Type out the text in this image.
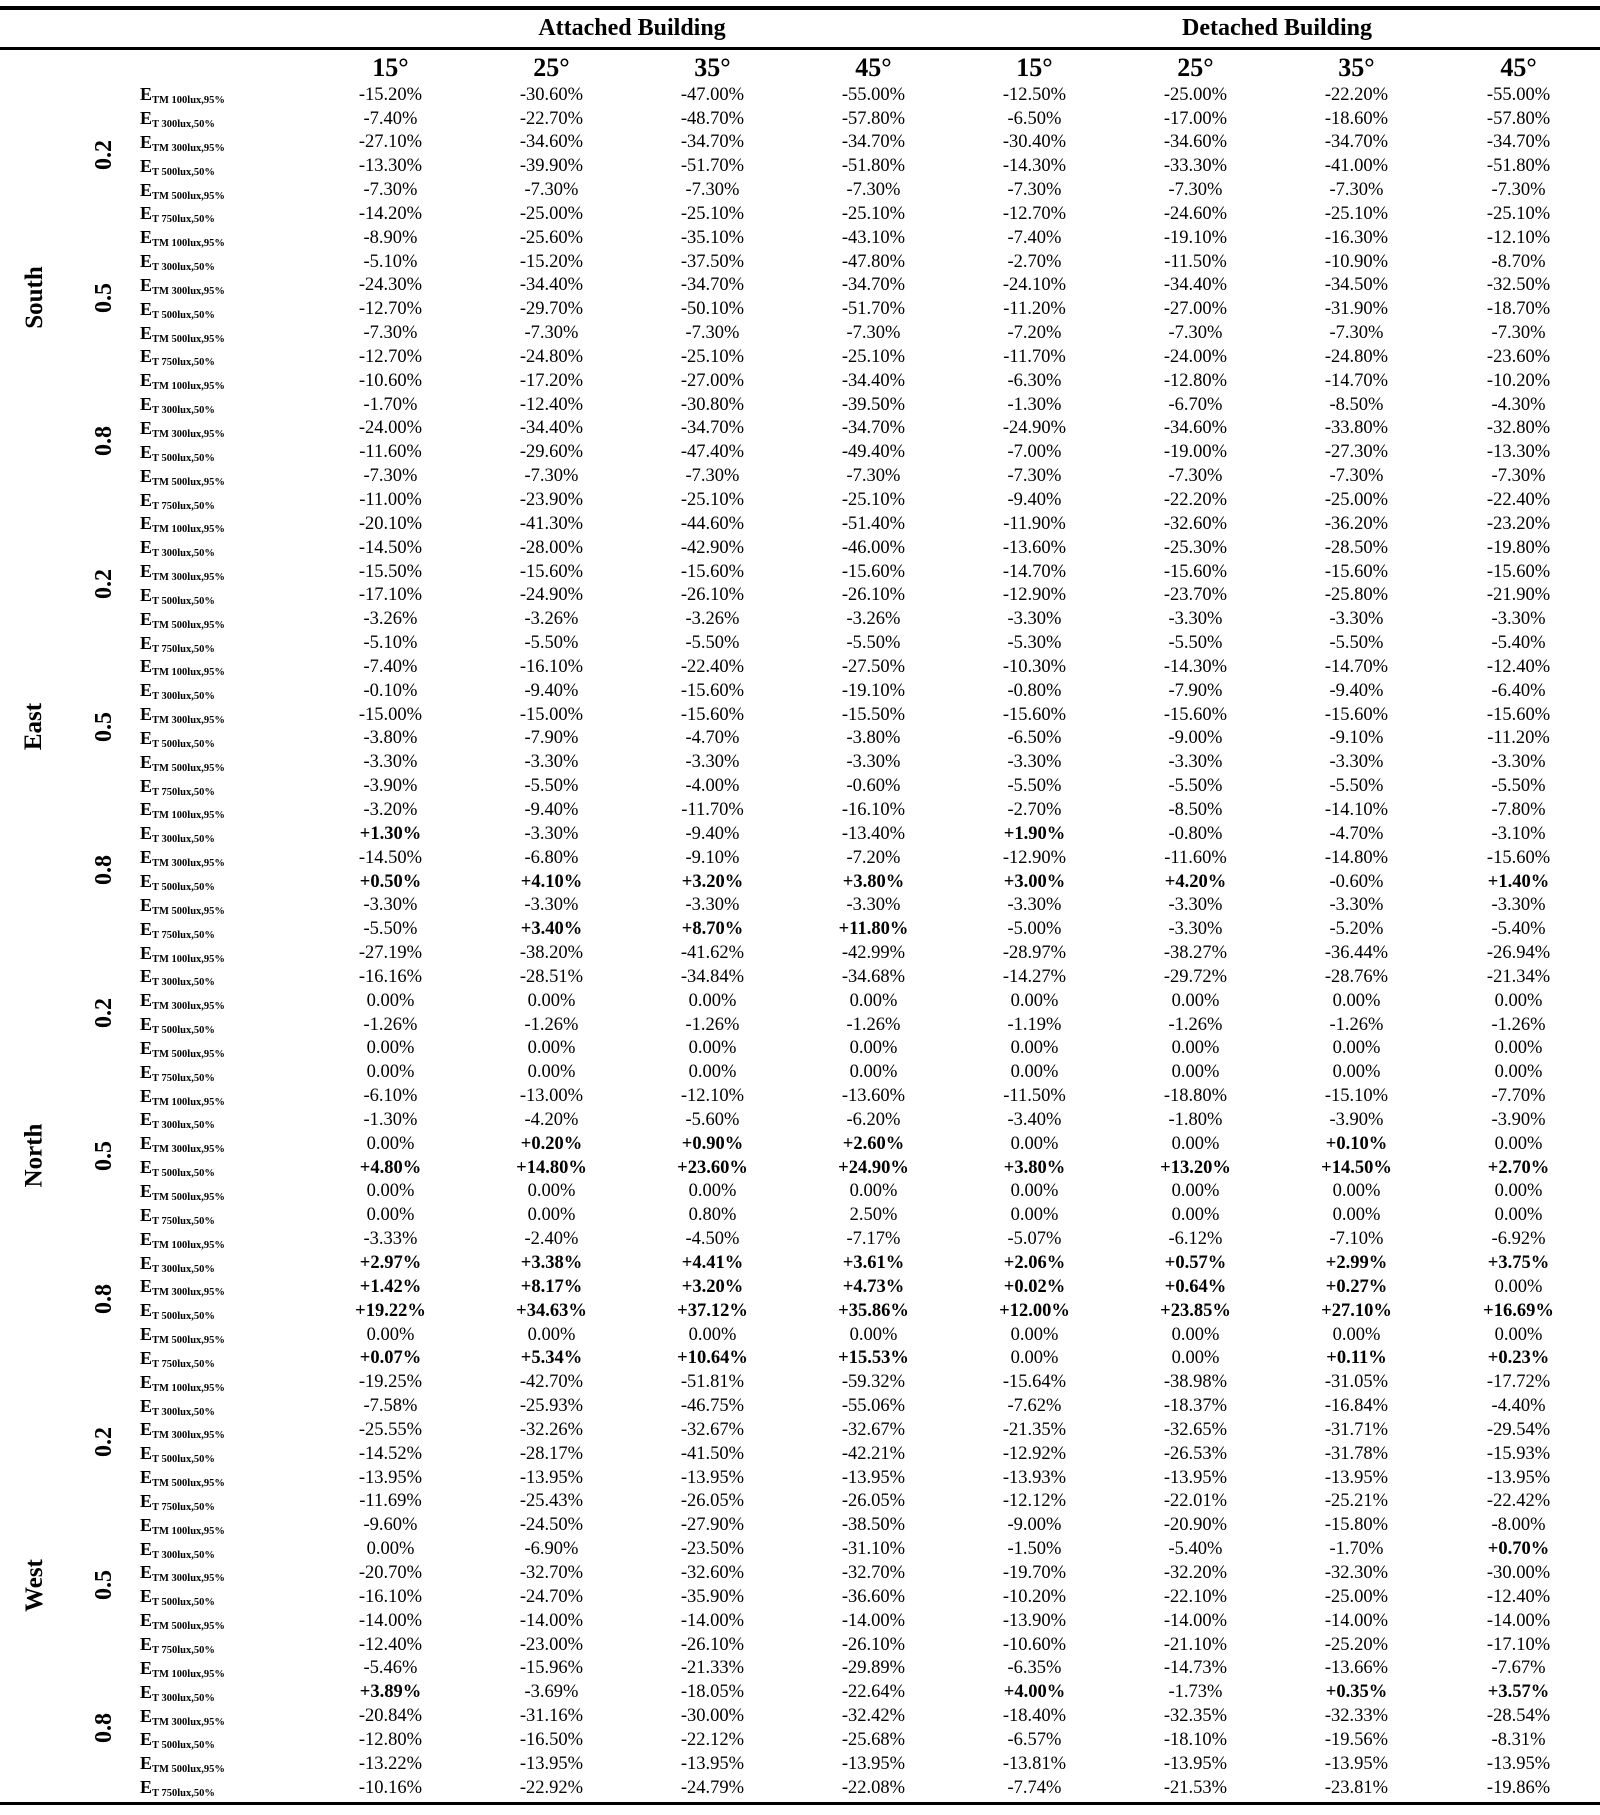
			Attached Building				Detached Building			
			15°	25°	35°	45°	15°	25°	35°	45°
South	0.2	ETM 100lux,95%	-15.20%	-30.60%	-47.00%	-55.00%	-12.50%	-25.00%	-22.20%	-55.00%
		ET 300lux,50%	-7.40%	-22.70%	-48.70%	-57.80%	-6.50%	-17.00%	-18.60%	-57.80%
		ETM 300lux,95%	-27.10%	-34.60%	-34.70%	-34.70%	-30.40%	-34.60%	-34.70%	-34.70%
		ET 500lux,50%	-13.30%	-39.90%	-51.70%	-51.80%	-14.30%	-33.30%	-41.00%	-51.80%
		ETM 500lux,95%	-7.30%	-7.30%	-7.30%	-7.30%	-7.30%	-7.30%	-7.30%	-7.30%
		ET 750lux,50%	-14.20%	-25.00%	-25.10%	-25.10%	-12.70%	-24.60%	-25.10%	-25.10%
	0.5	ETM 100lux,95%	-8.90%	-25.60%	-35.10%	-43.10%	-7.40%	-19.10%	-16.30%	-12.10%
		ET 300lux,50%	-5.10%	-15.20%	-37.50%	-47.80%	-2.70%	-11.50%	-10.90%	-8.70%
		ETM 300lux,95%	-24.30%	-34.40%	-34.70%	-34.70%	-24.10%	-34.40%	-34.50%	-32.50%
		ET 500lux,50%	-12.70%	-29.70%	-50.10%	-51.70%	-11.20%	-27.00%	-31.90%	-18.70%
		ETM 500lux,95%	-7.30%	-7.30%	-7.30%	-7.30%	-7.20%	-7.30%	-7.30%	-7.30%
		ET 750lux,50%	-12.70%	-24.80%	-25.10%	-25.10%	-11.70%	-24.00%	-24.80%	-23.60%
	0.8	ETM 100lux,95%	-10.60%	-17.20%	-27.00%	-34.40%	-6.30%	-12.80%	-14.70%	-10.20%
		ET 300lux,50%	-1.70%	-12.40%	-30.80%	-39.50%	-1.30%	-6.70%	-8.50%	-4.30%
		ETM 300lux,95%	-24.00%	-34.40%	-34.70%	-34.70%	-24.90%	-34.60%	-33.80%	-32.80%
		ET 500lux,50%	-11.60%	-29.60%	-47.40%	-49.40%	-7.00%	-19.00%	-27.30%	-13.30%
		ETM 500lux,95%	-7.30%	-7.30%	-7.30%	-7.30%	-7.30%	-7.30%	-7.30%	-7.30%
		ET 750lux,50%	-11.00%	-23.90%	-25.10%	-25.10%	-9.40%	-22.20%	-25.00%	-22.40%
East	0.2	ETM 100lux,95%	-20.10%	-41.30%	-44.60%	-51.40%	-11.90%	-32.60%	-36.20%	-23.20%
		ET 300lux,50%	-14.50%	-28.00%	-42.90%	-46.00%	-13.60%	-25.30%	-28.50%	-19.80%
		ETM 300lux,95%	-15.50%	-15.60%	-15.60%	-15.60%	-14.70%	-15.60%	-15.60%	-15.60%
		ET 500lux,50%	-17.10%	-24.90%	-26.10%	-26.10%	-12.90%	-23.70%	-25.80%	-21.90%
		ETM 500lux,95%	-3.26%	-3.26%	-3.26%	-3.26%	-3.30%	-3.30%	-3.30%	-3.30%
		ET 750lux,50%	-5.10%	-5.50%	-5.50%	-5.50%	-5.30%	-5.50%	-5.50%	-5.40%
	0.5	ETM 100lux,95%	-7.40%	-16.10%	-22.40%	-27.50%	-10.30%	-14.30%	-14.70%	-12.40%
		ET 300lux,50%	-0.10%	-9.40%	-15.60%	-19.10%	-0.80%	-7.90%	-9.40%	-6.40%
		ETM 300lux,95%	-15.00%	-15.00%	-15.60%	-15.50%	-15.60%	-15.60%	-15.60%	-15.60%
		ET 500lux,50%	-3.80%	-7.90%	-4.70%	-3.80%	-6.50%	-9.00%	-9.10%	-11.20%
		ETM 500lux,95%	-3.30%	-3.30%	-3.30%	-3.30%	-3.30%	-3.30%	-3.30%	-3.30%
		ET 750lux,50%	-3.90%	-5.50%	-4.00%	-0.60%	-5.50%	-5.50%	-5.50%	-5.50%
	0.8	ETM 100lux,95%	-3.20%	-9.40%	-11.70%	-16.10%	-2.70%	-8.50%	-14.10%	-7.80%
		ET 300lux,50%	+1.30%	-3.30%	-9.40%	-13.40%	+1.90%	-0.80%	-4.70%	-3.10%
		ETM 300lux,95%	-14.50%	-6.80%	-9.10%	-7.20%	-12.90%	-11.60%	-14.80%	-15.60%
		ET 500lux,50%	+0.50%	+4.10%	+3.20%	+3.80%	+3.00%	+4.20%	-0.60%	+1.40%
		ETM 500lux,95%	-3.30%	-3.30%	-3.30%	-3.30%	-3.30%	-3.30%	-3.30%	-3.30%
		ET 750lux,50%	-5.50%	+3.40%	+8.70%	+11.80%	-5.00%	-3.30%	-5.20%	-5.40%
North	0.2	ETM 100lux,95%	-27.19%	-38.20%	-41.62%	-42.99%	-28.97%	-38.27%	-36.44%	-26.94%
		ET 300lux,50%	-16.16%	-28.51%	-34.84%	-34.68%	-14.27%	-29.72%	-28.76%	-21.34%
		ETM 300lux,95%	0.00%	0.00%	0.00%	0.00%	0.00%	0.00%	0.00%	0.00%
		ET 500lux,50%	-1.26%	-1.26%	-1.26%	-1.26%	-1.19%	-1.26%	-1.26%	-1.26%
		ETM 500lux,95%	0.00%	0.00%	0.00%	0.00%	0.00%	0.00%	0.00%	0.00%
		ET 750lux,50%	0.00%	0.00%	0.00%	0.00%	0.00%	0.00%	0.00%	0.00%
	0.5	ETM 100lux,95%	-6.10%	-13.00%	-12.10%	-13.60%	-11.50%	-18.80%	-15.10%	-7.70%
		ET 300lux,50%	-1.30%	-4.20%	-5.60%	-6.20%	-3.40%	-1.80%	-3.90%	-3.90%
		ETM 300lux,95%	0.00%	+0.20%	+0.90%	+2.60%	0.00%	0.00%	+0.10%	0.00%
		ET 500lux,50%	+4.80%	+14.80%	+23.60%	+24.90%	+3.80%	+13.20%	+14.50%	+2.70%
		ETM 500lux,95%	0.00%	0.00%	0.00%	0.00%	0.00%	0.00%	0.00%	0.00%
		ET 750lux,50%	0.00%	0.00%	0.80%	2.50%	0.00%	0.00%	0.00%	0.00%
	0.8	ETM 100lux,95%	-3.33%	-2.40%	-4.50%	-7.17%	-5.07%	-6.12%	-7.10%	-6.92%
		ET 300lux,50%	+2.97%	+3.38%	+4.41%	+3.61%	+2.06%	+0.57%	+2.99%	+3.75%
		ETM 300lux,95%	+1.42%	+8.17%	+3.20%	+4.73%	+0.02%	+0.64%	+0.27%	0.00%
		ET 500lux,50%	+19.22%	+34.63%	+37.12%	+35.86%	+12.00%	+23.85%	+27.10%	+16.69%
		ETM 500lux,95%	0.00%	0.00%	0.00%	0.00%	0.00%	0.00%	0.00%	0.00%
		ET 750lux,50%	+0.07%	+5.34%	+10.64%	+15.53%	0.00%	0.00%	+0.11%	+0.23%
West	0.2	ETM 100lux,95%	-19.25%	-42.70%	-51.81%	-59.32%	-15.64%	-38.98%	-31.05%	-17.72%
		ET 300lux,50%	-7.58%	-25.93%	-46.75%	-55.06%	-7.62%	-18.37%	-16.84%	-4.40%
		ETM 300lux,95%	-25.55%	-32.26%	-32.67%	-32.67%	-21.35%	-32.65%	-31.71%	-29.54%
		ET 500lux,50%	-14.52%	-28.17%	-41.50%	-42.21%	-12.92%	-26.53%	-31.78%	-15.93%
		ETM 500lux,95%	-13.95%	-13.95%	-13.95%	-13.95%	-13.93%	-13.95%	-13.95%	-13.95%
		ET 750lux,50%	-11.69%	-25.43%	-26.05%	-26.05%	-12.12%	-22.01%	-25.21%	-22.42%
	0.5	ETM 100lux,95%	-9.60%	-24.50%	-27.90%	-38.50%	-9.00%	-20.90%	-15.80%	-8.00%
		ET 300lux,50%	0.00%	-6.90%	-23.50%	-31.10%	-1.50%	-5.40%	-1.70%	+0.70%
		ETM 300lux,95%	-20.70%	-32.70%	-32.60%	-32.70%	-19.70%	-32.20%	-32.30%	-30.00%
		ET 500lux,50%	-16.10%	-24.70%	-35.90%	-36.60%	-10.20%	-22.10%	-25.00%	-12.40%
		ETM 500lux,95%	-14.00%	-14.00%	-14.00%	-14.00%	-13.90%	-14.00%	-14.00%	-14.00%
		ET 750lux,50%	-12.40%	-23.00%	-26.10%	-26.10%	-10.60%	-21.10%	-25.20%	-17.10%
	0.8	ETM 100lux,95%	-5.46%	-15.96%	-21.33%	-29.89%	-6.35%	-14.73%	-13.66%	-7.67%
		ET 300lux,50%	+3.89%	-3.69%	-18.05%	-22.64%	+4.00%	-1.73%	+0.35%	+3.57%
		ETM 300lux,95%	-20.84%	-31.16%	-30.00%	-32.42%	-18.40%	-32.35%	-32.33%	-28.54%
		ET 500lux,50%	-12.80%	-16.50%	-22.12%	-25.68%	-6.57%	-18.10%	-19.56%	-8.31%
		ETM 500lux,95%	-13.22%	-13.95%	-13.95%	-13.95%	-13.81%	-13.95%	-13.95%	-13.95%
		ET 750lux,50%	-10.16%	-22.92%	-24.79%	-22.08%	-7.74%	-21.53%	-23.81%	-19.86%
